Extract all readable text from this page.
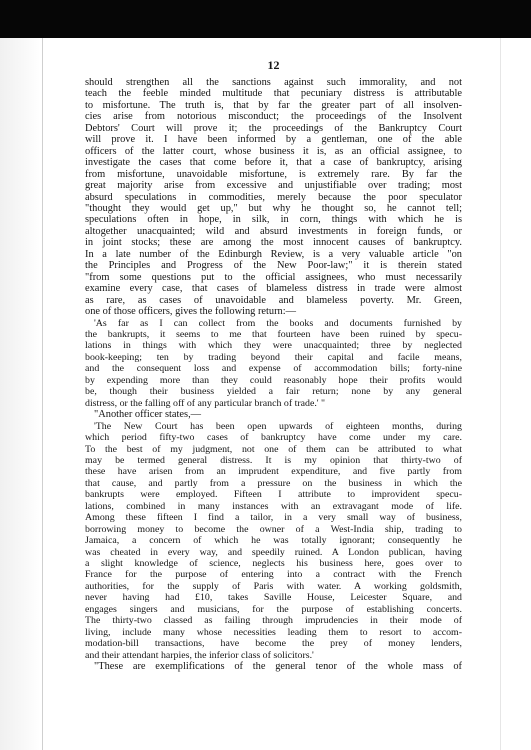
12
should strengthen all the sanctions against such immorality, and not
teach the feeble minded multitude that pecuniary distress is attributable
to misfortune. The truth is, that by far the greater part of all insolven-
cies arise from notorious misconduct; the proceedings of the Insolvent
Debtors' Court will prove it; the proceedings of the Bankruptcy Court
will prove it. I have been informed by a gentleman, one of the able
officers of the latter court, whose business it is, as an official assignee, to
investigate the cases that come before it, that a case of bankruptcy, arising
from misfortune, unavoidable misfortune, is extremely rare. By far the
great majority arise from excessive and unjustifiable over trading; most
absurd speculations in commodities, merely because the poor speculator
"thought they would get up," but why he thought so, he cannot tell;
speculations often in hope, in silk, in corn, things with which he is
altogether unacquainted; wild and absurd investments in foreign funds, or
in joint stocks; these are among the most innocent causes of bankruptcy.
In a late number of the Edinburgh Review, is a very valuable article "on
the Principles and Progress of the New Poor-law;" it is therein stated
"from some questions put to the official assignees, who must necessarily
examine every case, that cases of blameless distress in trade were almost
as rare, as cases of unavoidable and blameless poverty. Mr. Green,
one of those officers, gives the following return:—
'As far as I can collect from the books and documents furnished by
the bankrupts, it seems to me that fourteen have been ruined by specu-
lations in things with which they were unacquainted; three by neglected
book-keeping; ten by trading beyond their capital and facile means,
and the consequent loss and expense of accommodation bills; forty-nine
by expending more than they could reasonably hope their profits would
be, though their business yielded a fair return; none by any general
distress, or the falling off of any particular branch of trade.' "
"Another officer states,—
'The New Court has been open upwards of eighteen months, during
which period fifty-two cases of bankruptcy have come under my care.
To the best of my judgment, not one of them can be attributed to what
may be termed general distress. It is my opinion that thirty-two of
these have arisen from an imprudent expenditure, and five partly from
that cause, and partly from a pressure on the business in which the
bankrupts were employed. Fifteen I attribute to improvident specu-
lations, combined in many instances with an extravagant mode of life.
Among these fifteen I find a tailor, in a very small way of business,
borrowing money to become the owner of a West-India ship, trading to
Jamaica, a concern of which he was totally ignorant; consequently he
was cheated in every way, and speedily ruined. A London publican, having
a slight knowledge of science, neglects his business here, goes over to
France for the purpose of entering into a contract with the French
authorities, for the supply of Paris with water. A working goldsmith,
never having had £10, takes Saville House, Leicester Square, and
engages singers and musicians, for the purpose of establishing concerts.
The thirty-two classed as failing through imprudencies in their mode of
living, include many whose necessities leading them to resort to accom-
modation-bill transactions, have become the prey of money lenders,
and their attendant harpies, the inferior class of solicitors.'
"These are exemplifications of the general tenor of the whole mass of
